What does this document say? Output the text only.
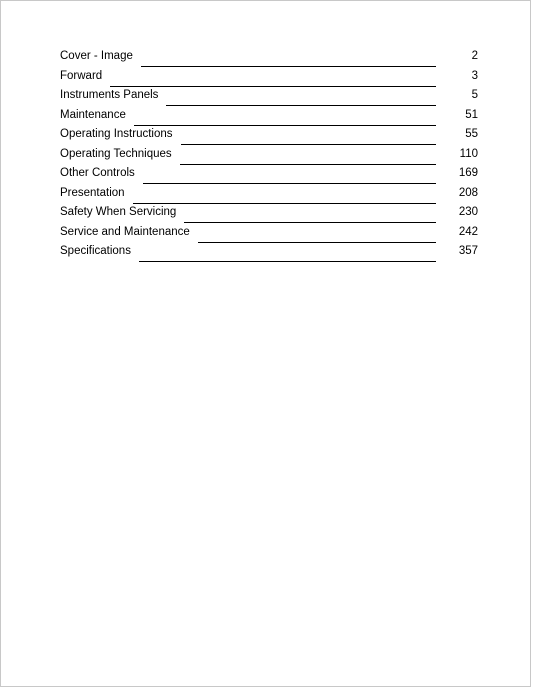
Cover - Image	2
Forward	3
Instruments Panels	5
Maintenance	51
Operating Instructions	55
Operating Techniques	110
Other Controls	169
Presentation	208
Safety When Servicing	230
Service and Maintenance	242
Specifications	357
